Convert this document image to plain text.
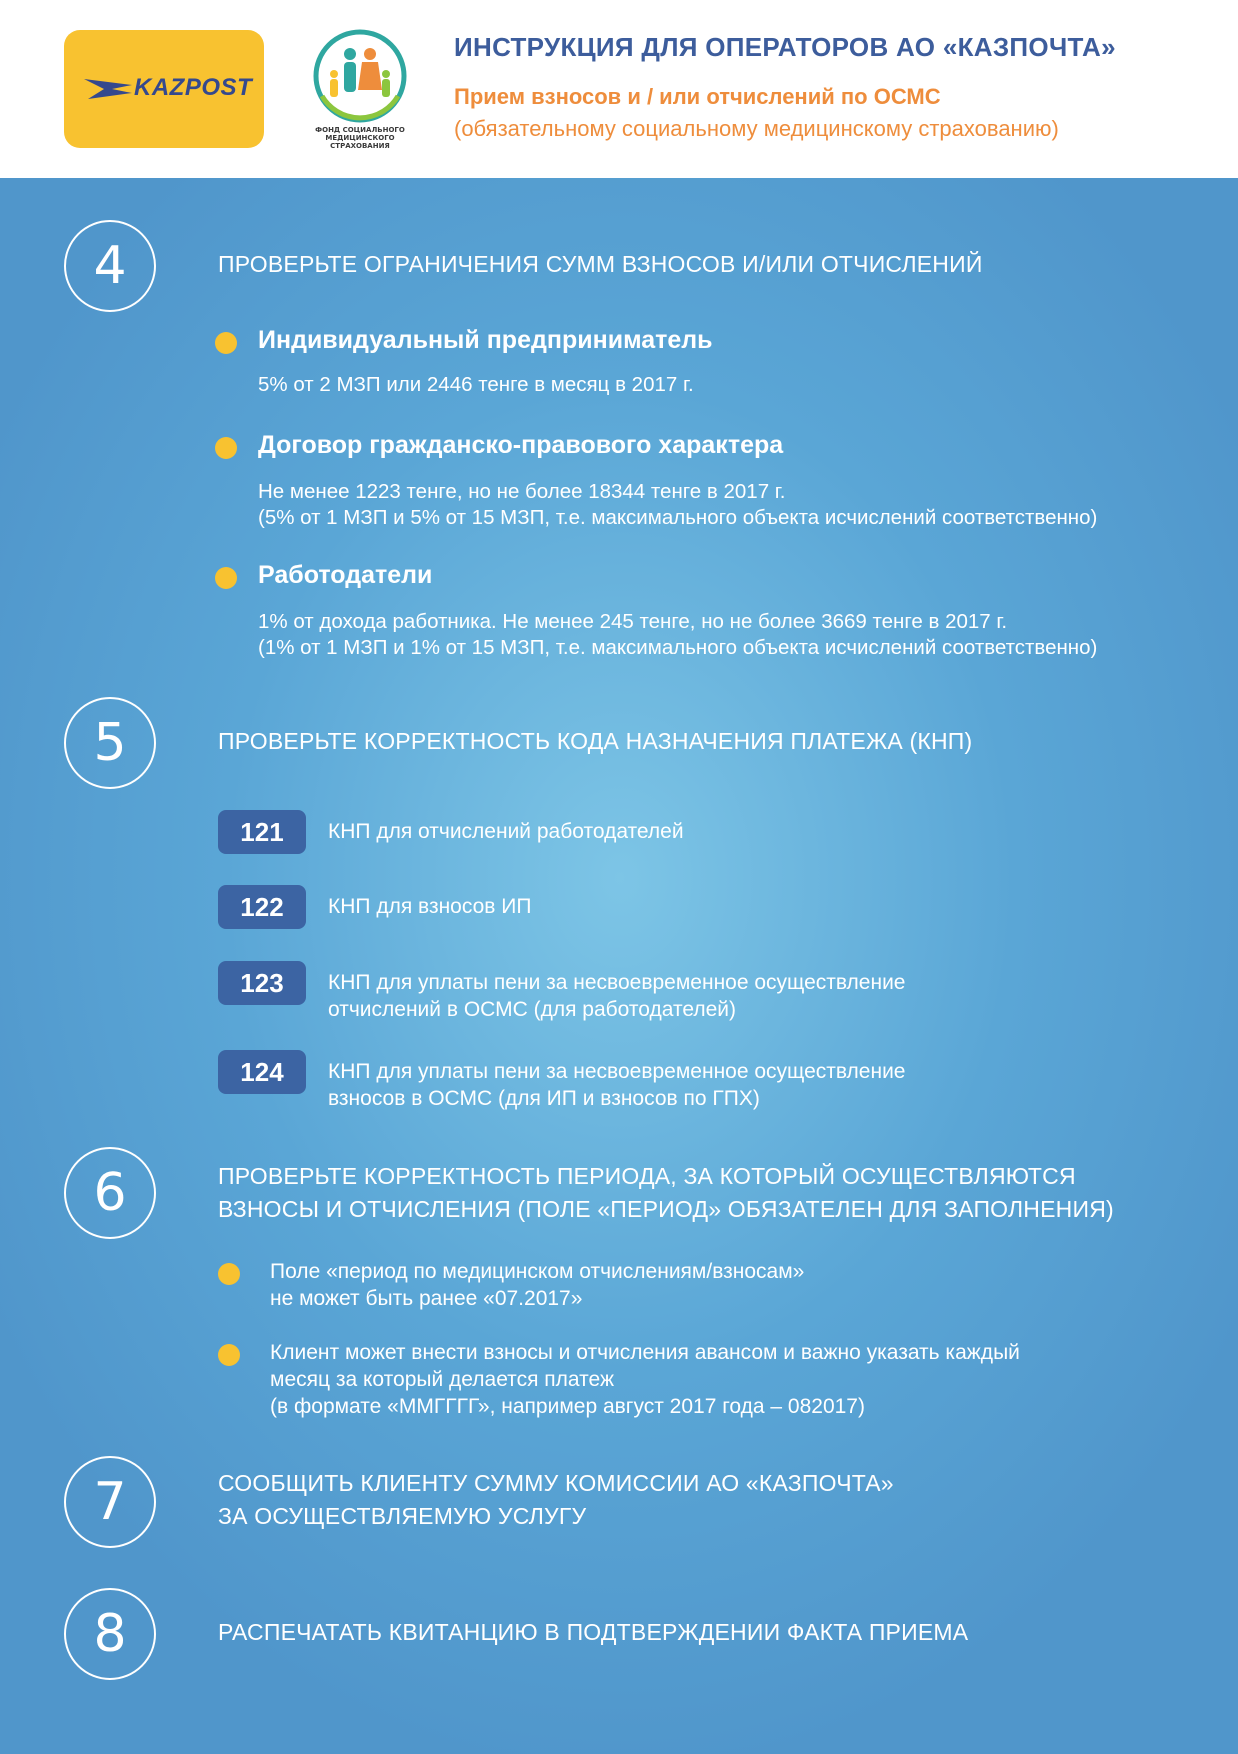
KAZPOST
ФОНД СОЦИАЛЬНОГО МЕДИЦИНСКОГО СТРАХОВАНИЯ
ИНСТРУКЦИЯ ДЛЯ ОПЕРАТОРОВ АО «КАЗПОЧТА»
Прием взносов и / или отчислений по ОСМС
(обязательному социальному медицинскому страхованию)
4	ПРОВЕРЬТЕ ОГРАНИЧЕНИЯ СУММ ВЗНОСОВ И/ИЛИ ОТЧИСЛЕНИЙ
Индивидуальный предприниматель
5% от 2 МЗП или 2446 тенге в месяц в 2017 г.
Договор гражданско-правового характера
Не менее 1223 тенге, но не более 18344 тенге в 2017 г.
(5% от 1 МЗП и 5% от 15 МЗП, т.е. максимального объекта исчислений соответственно)
Работодатели
1% от дохода работника. Не менее 245 тенге, но не более 3669 тенге в 2017 г.
(1% от 1 МЗП и 1% от 15 МЗП, т.е. максимального объекта исчислений соответственно)
5	ПРОВЕРЬТЕ КОРРЕКТНОСТЬ КОДА НАЗНАЧЕНИЯ ПЛАТЕЖА (КНП)
121	КНП для отчислений работодателей
122	КНП для взносов ИП
123	КНП для уплаты пени за несвоевременное осуществление
отчислений в ОСМС (для работодателей)
124	КНП для уплаты пени за несвоевременное осуществление
взносов в ОСМС (для ИП и взносов по ГПХ)
6	ПРОВЕРЬТЕ КОРРЕКТНОСТЬ ПЕРИОДА, ЗА КОТОРЫЙ ОСУЩЕСТВЛЯЮТСЯ
ВЗНОСЫ И ОТЧИСЛЕНИЯ (ПОЛЕ «ПЕРИОД» ОБЯЗАТЕЛЕН ДЛЯ ЗАПОЛНЕНИЯ)
Поле «период по медицинском отчислениям/взносам»
не может быть ранее «07.2017»
Клиент может внести взносы и отчисления авансом и важно указать каждый
месяц за который делается платеж
(в формате «ММГГГГ», например август 2017 года – 082017)
7	СООБЩИТЬ КЛИЕНТУ СУММУ КОМИССИИ АО «КАЗПОЧТА»
ЗА ОСУЩЕСТВЛЯЕМУЮ УСЛУГУ
8	РАСПЕЧАТАТЬ КВИТАНЦИЮ В ПОДТВЕРЖДЕНИИ ФАКТА ПРИЕМА
